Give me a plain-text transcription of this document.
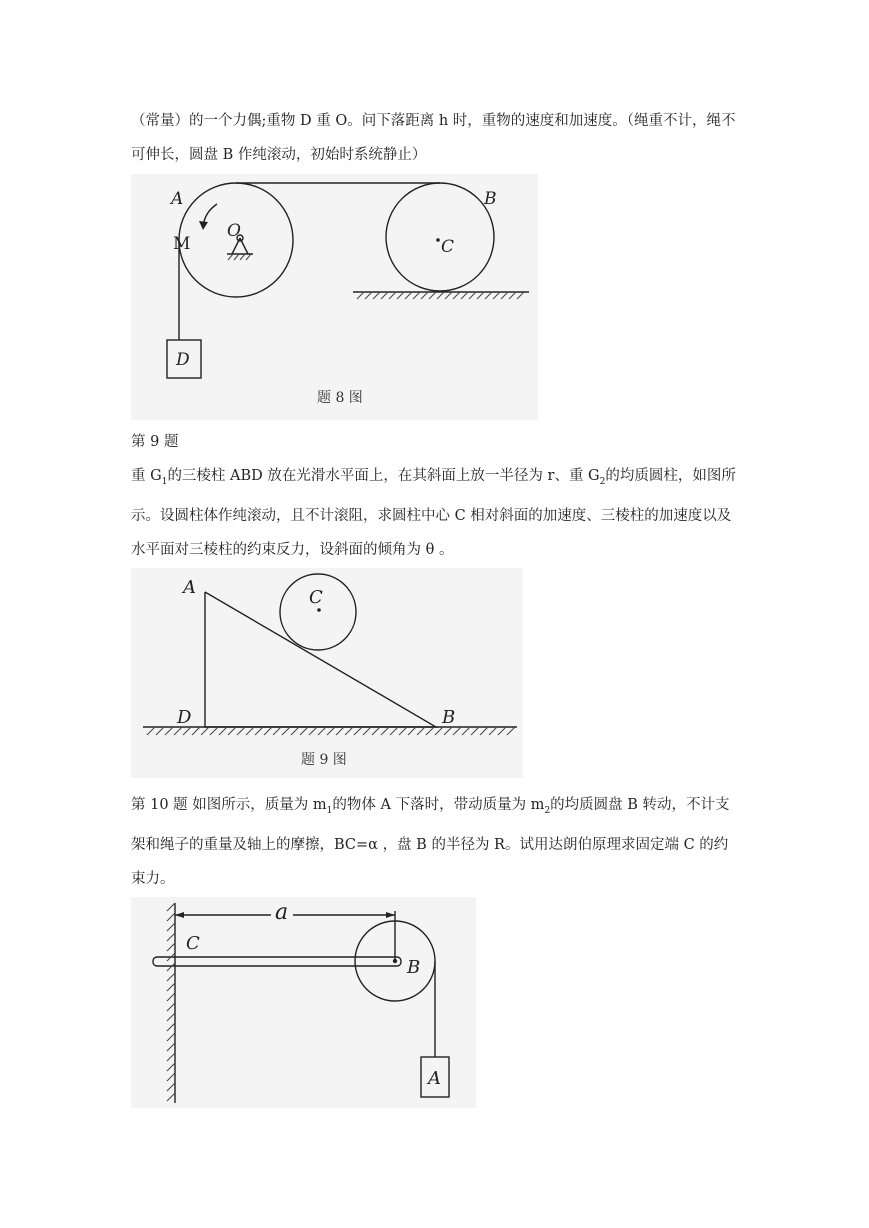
（常量）的一个力偶;重物 D 重 O。问下落距离 h 时，重物的速度和加速度。（绳重不计，绳不可伸长，圆盘 B 作纯滚动，初始时系统静止）

A
M
O
B
C
D
题 8 图

第 9 题

重 $G_1$的三棱柱 ABD 放在光滑水平面上，在其斜面上放一半径为 r、重 $G_2$的均质圆柱，如图所示。设圆柱体作纯滚动，且不计滚阻，求圆柱中心 C 相对斜面的加速度、三棱柱的加速度以及水平面对三棱柱的约束反力，设斜面的倾角为 θ 。

A	C
D	B
题 9 图

第 10 题 如图所示，质量为 $m_1$的物体 A 下落时，带动质量为 $m_2$的均质圆盘 B 转动，不计支架和绳子的重量及轴上的摩擦，BC=α ，盘 B 的半径为 R。试用达朗伯原理求固定端 C 的约束力。

a
C
B
A
